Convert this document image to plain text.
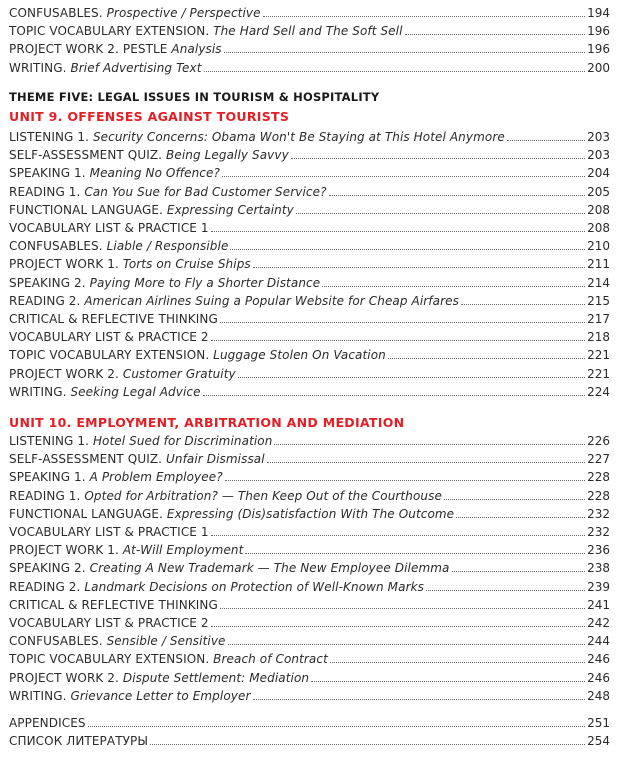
CONFUSABLES. Prospective / Perspective	194
TOPIC VOCABULARY EXTENSION. The Hard Sell and The Soft Sell	196
PROJECT WORK 2. PESTLE Analysis	196
WRITING. Brief Advertising Text	200
THEME FIVE: LEGAL ISSUES IN TOURISM & HOSPITALITY
UNIT 9. OFFENSES AGAINST TOURISTS
LISTENING 1. Security Concerns: Obama Won't Be Staying at This Hotel Anymore	203
SELF-ASSESSMENT QUIZ. Being Legally Savvy	203
SPEAKING 1. Meaning No Offence?	204
READING 1. Can You Sue for Bad Customer Service?	205
FUNCTIONAL LANGUAGE. Expressing Certainty	208
VOCABULARY LIST & PRACTICE 1	208
CONFUSABLES. Liable / Responsible	210
PROJECT WORK 1. Torts on Cruise Ships	211
SPEAKING 2. Paying More to Fly a Shorter Distance	214
READING 2. American Airlines Suing a Popular Website for Cheap Airfares	215
CRITICAL & REFLECTIVE THINKING	217
VOCABULARY LIST & PRACTICE 2	218
TOPIC VOCABULARY EXTENSION. Luggage Stolen On Vacation	221
PROJECT WORK 2. Customer Gratuity	221
WRITING. Seeking Legal Advice	224
UNIT 10. EMPLOYMENT, ARBITRATION AND MEDIATION
LISTENING 1. Hotel Sued for Discrimination	226
SELF-ASSESSMENT QUIZ. Unfair Dismissal	227
SPEAKING 1. A Problem Employee?	228
READING 1. Opted for Arbitration? — Then Keep Out of the Courthouse	228
FUNCTIONAL LANGUAGE. Expressing (Dis)satisfaction With The Outcome	232
VOCABULARY LIST & PRACTICE 1	232
PROJECT WORK 1. At-Will Employment	236
SPEAKING 2. Creating A New Trademark — The New Employee Dilemma	238
READING 2. Landmark Decisions on Protection of Well-Known Marks	239
CRITICAL & REFLECTIVE THINKING	241
VOCABULARY LIST & PRACTICE 2	242
CONFUSABLES. Sensible / Sensitive	244
TOPIC VOCABULARY EXTENSION. Breach of Contract	246
PROJECT WORK 2. Dispute Settlement: Mediation	246
WRITING. Grievance Letter to Employer	248
APPENDICES	251
СПИСОК ЛИТЕРАТУРЫ	254
